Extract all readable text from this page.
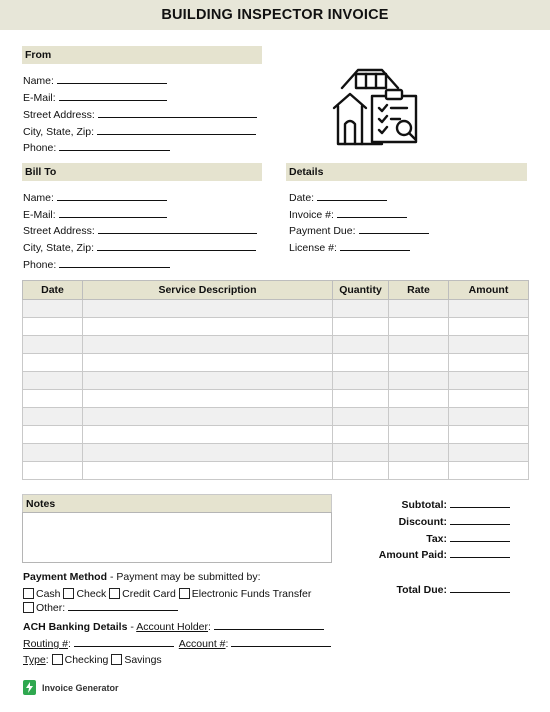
BUILDING INSPECTOR INVOICE
From
Name:
E-Mail:
Street Address:
City, State, Zip:
Phone:
Bill To
Name:
E-Mail:
Street Address:
City, State, Zip:
Phone:
Details
Date:
Invoice #:
Payment Due:
License #:
Date	Service Description	Quantity	Rate	Amount

Notes	Subtotal:
Discount:
Tax:
Amount Paid:
Total Due:
Payment Method - Payment may be submitted by:
Cash Check Credit Card Electronic Funds Transfer
Other:
ACH Banking Details - Account Holder:
Routing #:	Account #:
Type: Checking Savings
Invoice Generator
